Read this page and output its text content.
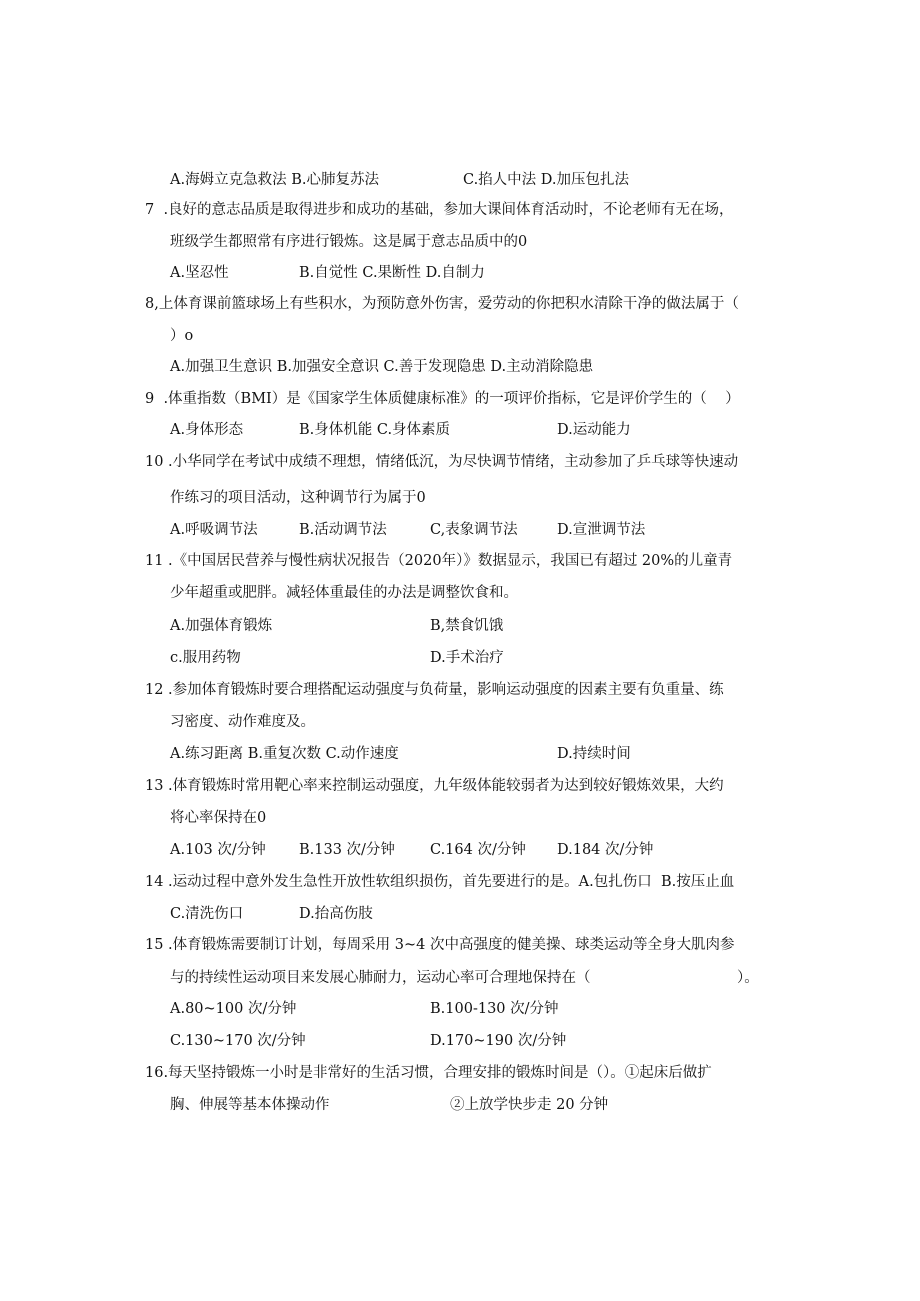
A.海姆立克急救法 B.心肺复苏法	C.掐人中法 D.加压包扎法
7  .良好的意志品质是取得进步和成功的基础，参加大课间体育活动时，不论老师有无在场，
班级学生都照常有序进行锻炼。这是属于意志品质中的0
A.坚忍性	B.自觉性 C.果断性 D.自制力
8,上体育课前篮球场上有些积水，为预防意外伤害，爱劳动的你把积水清除干净的做法属于（
）o
A.加强卫生意识 B.加强安全意识 C.善于发现隐患 D.主动消除隐患
9  .体重指数（BMI）是《国家学生体质健康标准》的一项评价指标，它是评价学生的（    ）
A.身体形态	B.身体机能 C.身体素质	D.运动能力
10 .小华同学在考试中成绩不理想，情绪低沉，为尽快调节情绪，主动参加了乒乓球等快速动
作练习的项目活动，这种调节行为属于0
A.呼吸调节法	B.活动调节法	C,表象调节法	D.宣泄调节法
11 .《中国居民营养与慢性病状况报告（2020年）》数据显示，我国已有超过 20%的儿童青
少年超重或肥胖。减轻体重最佳的办法是调整饮食和。
A.加强体育锻炼	B,禁食饥饿
c.服用药物	D.手术治疗
12 .参加体育锻炼时要合理搭配运动强度与负荷量，影响运动强度的因素主要有负重量、练
习密度、动作难度及。
A.练习距离 B.重复次数 C.动作速度	D.持续时间
13 .体育锻炼时常用靶心率来控制运动强度，九年级体能较弱者为达到较好锻炼效果，大约
将心率保持在0
A.103 次/分钟 B.133 次/分钟 C.164 次/分钟 D.184 次/分钟
14 .运动过程中意外发生急性开放性软组织损伤，首先要进行的是。A.包扎伤口  B.按压止血
C.清洗伤口	D.抬高伤肢
15 .体育锻炼需要制订计划，每周采用 3~4 次中高强度的健美操、球类运动等全身大肌肉参
与的持续性运动项目来发展心肺耐力，运动心率可合理地保持在（	）。
A.80~100 次/分钟	B.100-130 次/分钟
C.130~170 次/分钟	D.170~190 次/分钟
16.每天坚持锻炼一小时是非常好的生活习惯，合理安排的锻炼时间是（）。①起床后做扩
胸、伸展等基本体操动作	②上放学快步走 20 分钟
